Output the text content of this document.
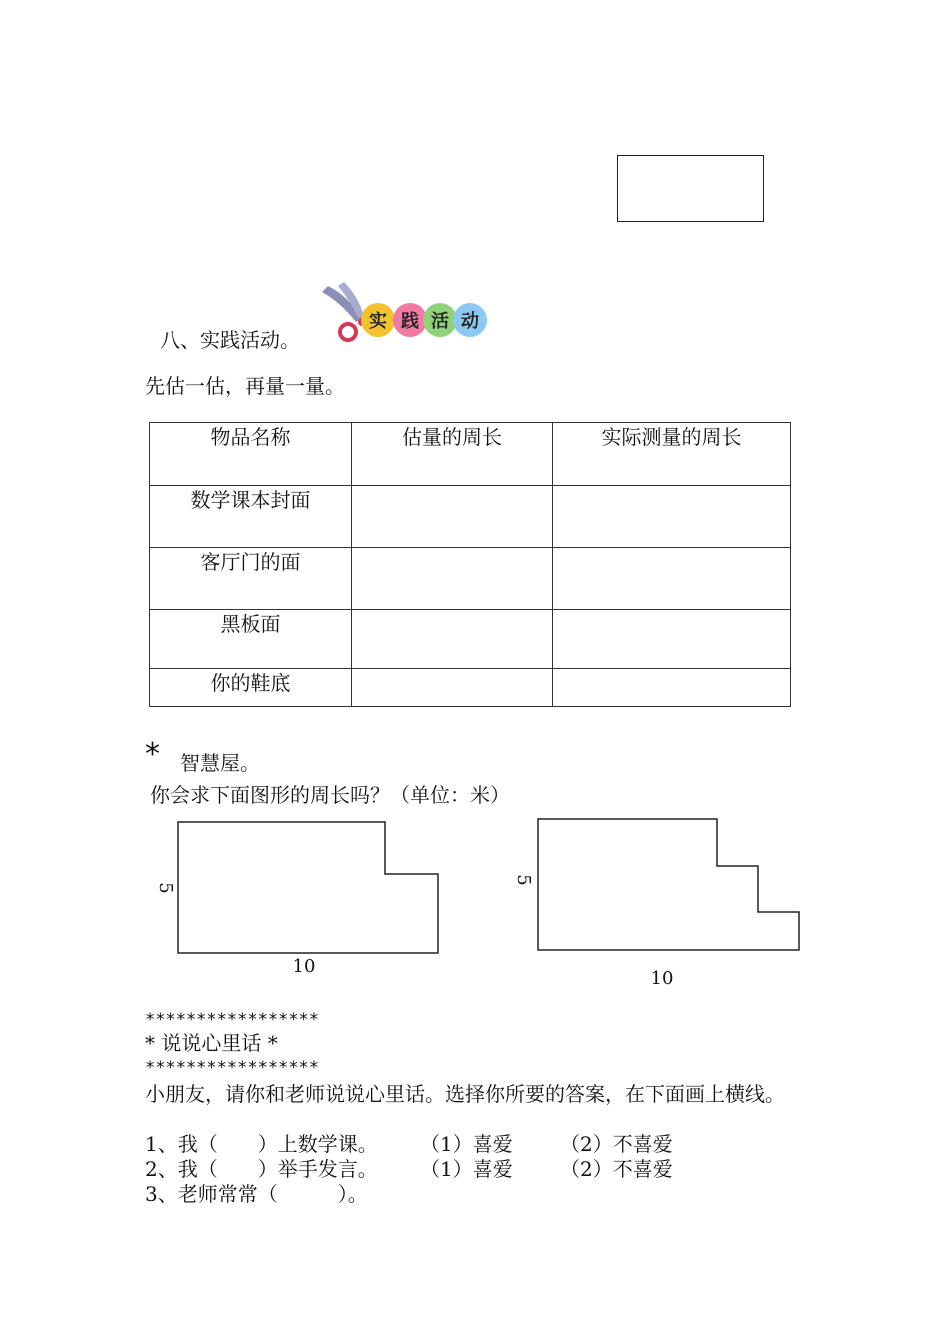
八、实践活动。
实 践 活 动
先估一估，再量一量。
物品名称	估量的周长	实际测量的周长
数学课本封面		
客厅门的面		
黑板面		
你的鞋底		
* 智慧屋。
你会求下面图形的周长吗？（单位：米）
5
10
5
10
*****************
* 说说心里话 *
*****************
小朋友，请你和老师说说心里话。选择你所要的答案，在下面画上横线。
1、我（　　）上数学课。 （1）喜爱 （2）不喜爱
2、我（　　）举手发言。 （1）喜爱 （2）不喜爱
3、老师常常（　　　）。
